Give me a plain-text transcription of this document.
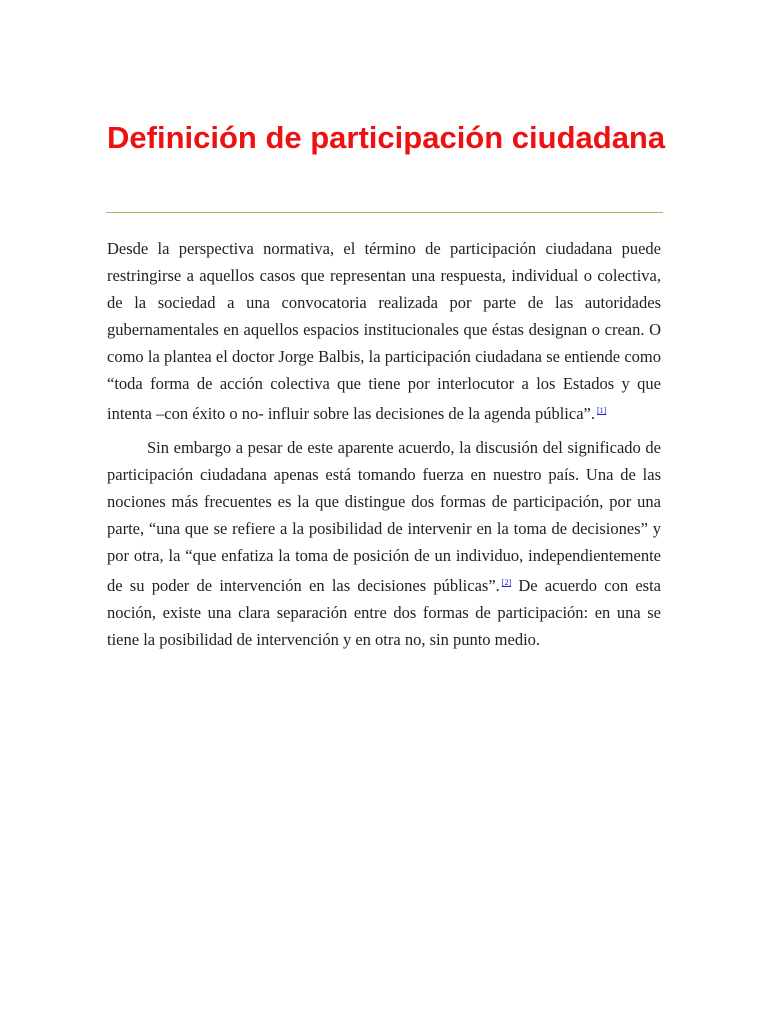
Definición de participación ciudadana

Desde la perspectiva normativa, el término de participación ciudadana puede restringirse a aquellos casos que representan una respuesta, individual o colectiva, de la sociedad a una convocatoria realizada por parte de las autoridades gubernamentales en aquellos espacios institucionales que éstas designan o crean. O como la plantea el doctor Jorge Balbis, la participación ciudadana se entiende como “toda forma de acción colectiva que tiene por interlocutor a los Estados y que intenta –con éxito o no- influir sobre las decisiones de la agenda pública”. [1]

Sin embargo a pesar de este aparente acuerdo, la discusión del significado de participación ciudadana apenas está tomando fuerza en nuestro país. Una de las nociones más frecuentes es la que distingue dos formas de participación, por una parte, “una que se refiere a la posibilidad de intervenir en la toma de decisiones” y por otra, la “que enfatiza la toma de posición de un individuo, independientemente de su poder de intervención en las decisiones públicas”. [2] De acuerdo con esta noción, existe una clara separación entre dos formas de participación: en una se tiene la posibilidad de intervención y en otra no, sin punto medio.
